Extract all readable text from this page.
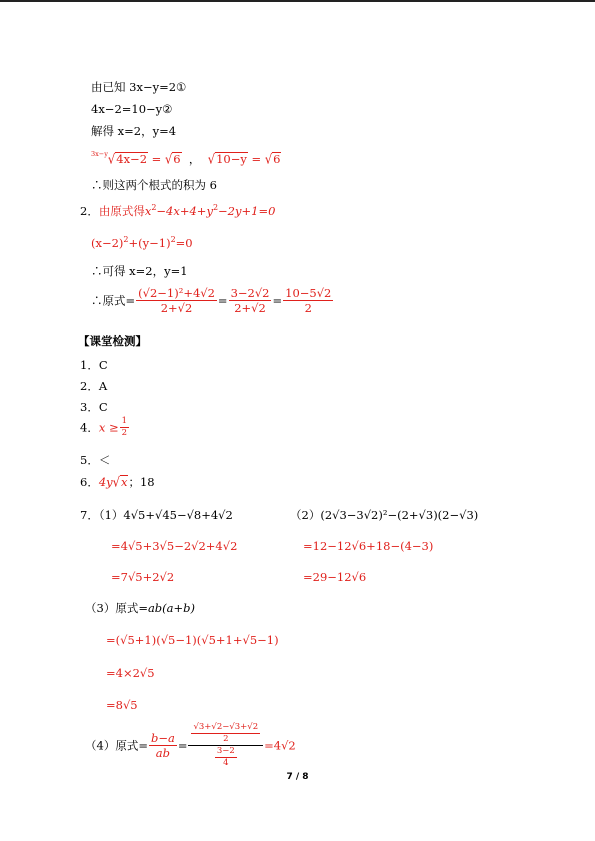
由已知 3x−y=2①
4x−2=10−y②
解得 x=2，y=4
$^{3x-y}$√4x−2 = √6  ，  √10−y = √6
∴则这两个根式的积为 6
2．由原式得$x^2-4x+4+y^2-2y+1=0$
$(x-2)^2+(y-1)^2=0$
∴可得 x=2，y=1
∴原式= $\frac{\text{(√2−1)²+4√2}}{2+√2} = \frac{3-2√2}{2+√2} = \frac{10-5√2}{2}$
【课堂检测】
1．C
2．A
3．C
4．$x \ge \frac{1}{2}$
5．＜
6．4y√x；18
7．（1）4√5+√45−√8+4√2	（2）(2√3−3√2)²−(2+√3)(2−√3)
=4√5+3√5−2√2+4√2	=12−12√6+18−(4−3)
=7√5+2√2	=29−12√6
（3）原式=ab(a+b)
=(√5+1)(√5−1)(√5+1+√5−1)
=4×2√5
=8√5
（4）原式= $\frac{b-a}{ab} = \frac{\frac{√3+√2-√3+√2}{2}}{\frac{3-2}{4}} =4√2$
7 / 8
